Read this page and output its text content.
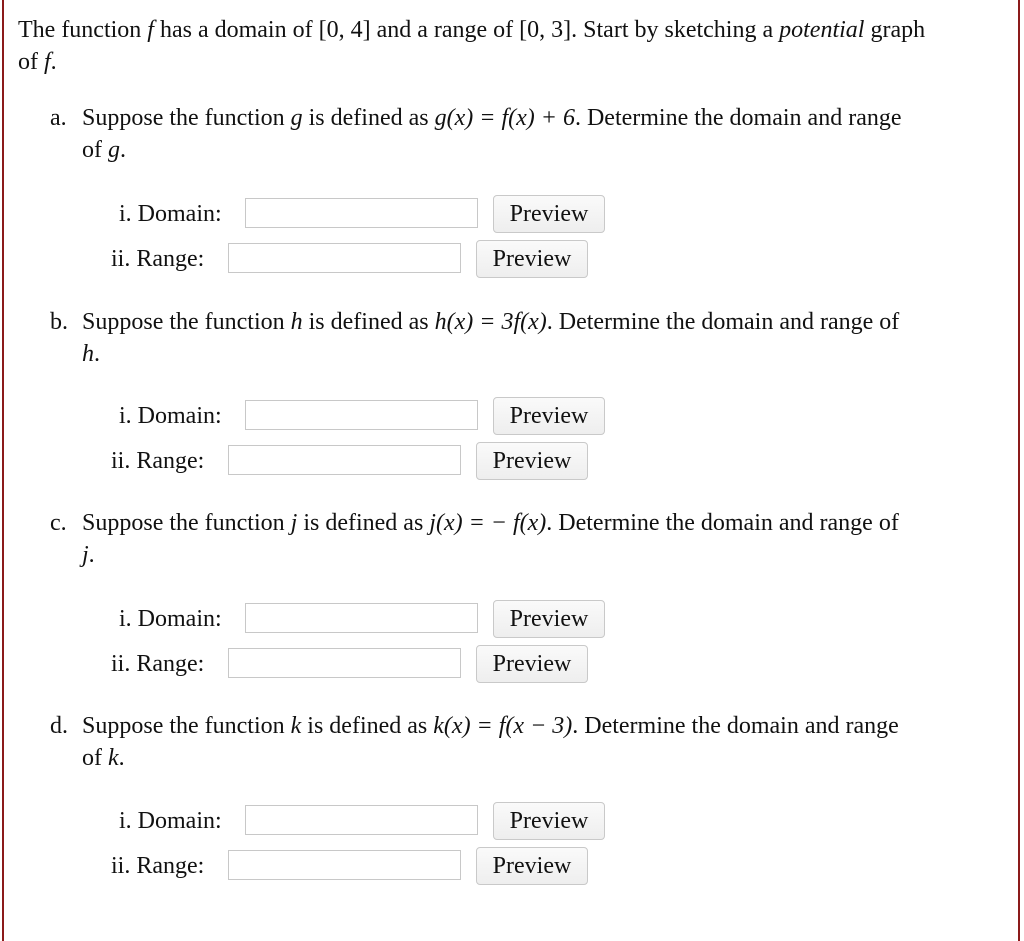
The function f has a domain of [0, 4] and a range of [0, 3]. Start by sketching a potential graph
of f.
a. Suppose the function g is defined as g(x) = f(x) + 6. Determine the domain and range
of g.
i. Domain:	Preview
ii. Range:	Preview
b. Suppose the function h is defined as h(x) = 3f(x). Determine the domain and range of
h.
i. Domain:	Preview
ii. Range:	Preview
c. Suppose the function j is defined as j(x) = − f(x). Determine the domain and range of
j.
i. Domain:	Preview
ii. Range:	Preview
d. Suppose the function k is defined as k(x) = f(x − 3). Determine the domain and range
of k.
i. Domain:	Preview
ii. Range:	Preview
